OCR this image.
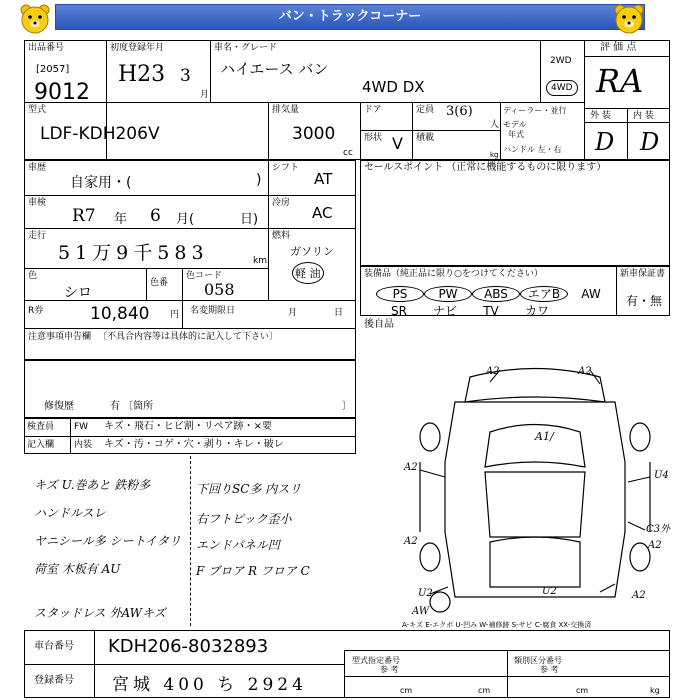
バン・トラックコーナー
出品番号
[2057]
9012
初度登録年月
H23 3
月
車名・グレード
ハイエース バン
4WD DX
2WD
4WD
評 価 点
RA
外 装 内 装
D D
型式
LDF-KDH206V
排気量
3000
cc
ドア
形状 V
定員 3(6)
人
積載
kg
ディーラー・並行
モデル
年式
ハンドル 左・右
車歴
自家用・(	)
シフト
AT
車検
R7 年 6 月(	日)
冷房
AC
走行
51万9千583	km
燃料
ガソリン
軽 油
色
シロ
色番
色コード
058
R券	10,840 円 名変期限日	月	日
注意事項申告欄 〔不具合内容等は具体的に記入して下さい〕
修復歴	有 〔箇所	〕
セールスポイント （正常に機能するものに限ります）
装備品（純正品に限り○をつけてください）	新車保証書
有・無
PS	PW ABS エアB AW
SR ナビ TV カワ
後自品
検査員
記入欄
FW キズ・飛石・ヒビ割・リペア跡・×要
内装 キズ・汚・コゲ・穴・剥り・キレ・破レ
キズ U.巻あと 鉄粉多
ハンドルスレ
ヤニシール多 シートイタリ
荷室 木板有 AU
スタッドレス 外AWキズ
下回りSC多 内スリ
右フトピック歪小
エンドパネル凹
F ブロア R フロア C
A2	A2
A2
A2
U4
A2
C3外
A2
U2	U2
AW
A1/
A-キズ E-エクボ U-凹み W-補修跡 S-サビ C-腐食 XX-交換済
車台番号 KDH206-8032893
登録番号 宮城 400 ち 2924
型式指定番号
参 考
類別区分番号
参 考
cm	cm	cm	kg
